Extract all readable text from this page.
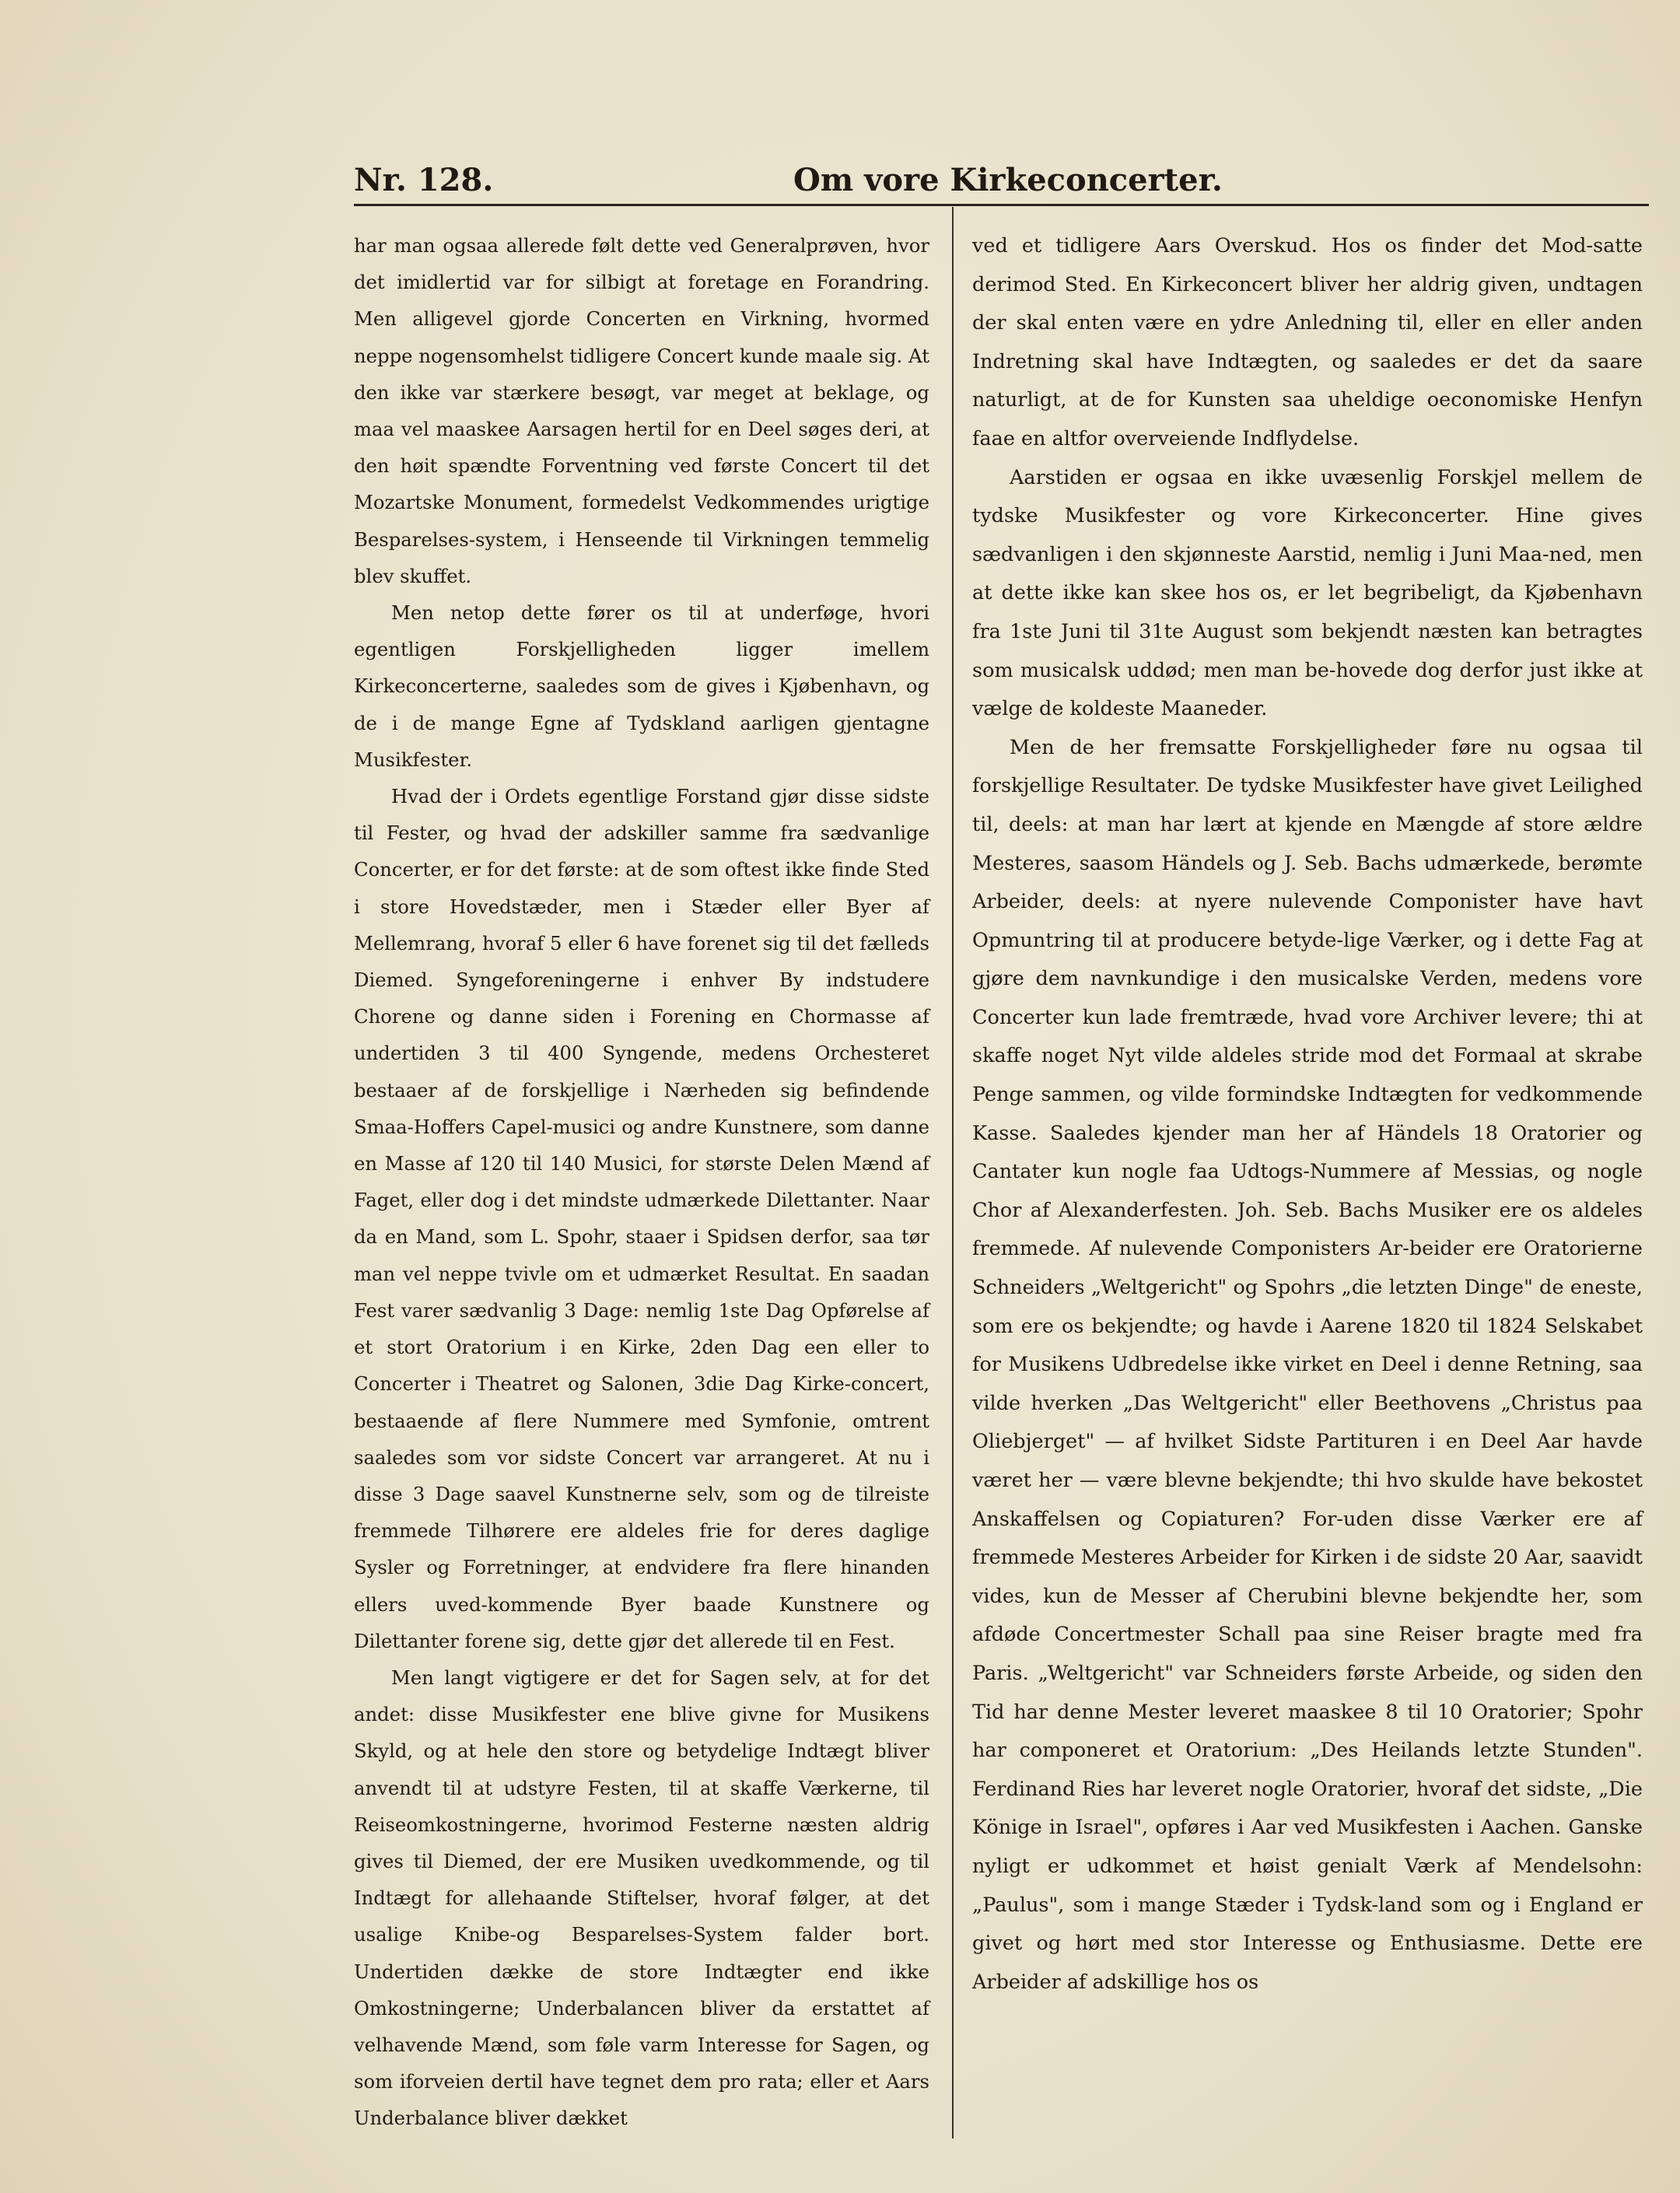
Nr. 128.	Om vore Kirkeconcerter.

har man ogsaa allerede følt dette ved Generalprøven, hvor det imidlertid var for silbigt at foretage en Forandring. Men alligevel gjorde Concerten en Virkning, hvormed neppe nogensomhelst tidligere Concert kunde maale sig. At den ikke var stærkere besøgt, var meget at beklage, og maa vel maaskee Aarsagen hertil for en Deel søges deri, at den høit spændte Forventning ved første Concert til det Mozartske Monument, formedelst Vedkommendes urigtige Besparelses-system, i Henseende til Virkningen temmelig blev skuffet.

Men netop dette fører os til at underføge, hvori egentligen Forskjelligheden ligger imellem Kirkeconcerterne, saaledes som de gives i Kjøbenhavn, og de i de mange Egne af Tydskland aarligen gjentagne Musikfester.

Hvad der i Ordets egentlige Forstand gjør disse sidste til Fester, og hvad der adskiller samme fra sædvanlige Concerter, er for det første: at de som oftest ikke finde Sted i store Hovedstæder, men i Stæder eller Byer af Mellemrang, hvoraf 5 eller 6 have forenet sig til det fælleds Diemed. Syngeforeningerne i enhver By indstudere Chorene og danne siden i Forening en Chormasse af undertiden 3 til 400 Syngende, medens Orchesteret bestaaer af de forskjellige i Nærheden sig befindende Smaa-Hoffers Capel-musici og andre Kunstnere, som danne en Masse af 120 til 140 Musici, for største Delen Mænd af Faget, eller dog i det mindste udmærkede Dilettanter. Naar da en Mand, som L. Spohr, staaer i Spidsen derfor, saa tør man vel neppe tvivle om et udmærket Resultat. En saadan Fest varer sædvanlig 3 Dage: nemlig 1ste Dag Opførelse af et stort Oratorium i en Kirke, 2den Dag een eller to Concerter i Theatret og Salonen, 3die Dag Kirke-concert, bestaaende af flere Nummere med Symfonie, omtrent saaledes som vor sidste Concert var arrangeret. At nu i disse 3 Dage saavel Kunstnerne selv, som og de tilreiste fremmede Tilhørere ere aldeles frie for deres daglige Sysler og Forretninger, at endvidere fra flere hinanden ellers uved-kommende Byer baade Kunstnere og Dilettanter forene sig, dette gjør det allerede til en Fest.

Men langt vigtigere er det for Sagen selv, at for det andet: disse Musikfester ene blive givne for Musikens Skyld, og at hele den store og betydelige Indtægt bliver anvendt til at udstyre Festen, til at skaffe Værkerne, til Reiseomkostningerne, hvorimod Festerne næsten aldrig gives til Diemed, der ere Musiken uvedkommende, og til Indtægt for allehaande Stiftelser, hvoraf følger, at det usalige Knibe-og Besparelses-System falder bort. Undertiden dække de store Indtægter end ikke Omkostningerne; Underbalancen bliver da erstattet af velhavende Mænd, som føle varm Interesse for Sagen, og som iforveien dertil have tegnet dem pro rata; eller et Aars Underbalance bliver dækket

ved et tidligere Aars Overskud. Hos os finder det Mod-satte derimod Sted. En Kirkeconcert bliver her aldrig given, undtagen der skal enten være en ydre Anledning til, eller en eller anden Indretning skal have Indtægten, og saaledes er det da saare naturligt, at de for Kunsten saa uheldige oeconomiske Henfyn faae en altfor overveiende Indflydelse.

Aarstiden er ogsaa en ikke uvæsenlig Forskjel mellem de tydske Musikfester og vore Kirkeconcerter. Hine gives sædvanligen i den skjønneste Aarstid, nemlig i Juni Maa-ned, men at dette ikke kan skee hos os, er let begribeligt, da Kjøbenhavn fra 1ste Juni til 31te August som bekjendt næsten kan betragtes som musicalsk uddød; men man be-hovede dog derfor just ikke at vælge de koldeste Maaneder.

Men de her fremsatte Forskjelligheder føre nu ogsaa til forskjellige Resultater. De tydske Musikfester have givet Leilighed til, deels: at man har lært at kjende en Mængde af store ældre Mesteres, saasom Händels og J. Seb. Bachs udmærkede, berømte Arbeider, deels: at nyere nulevende Componister have havt Opmuntring til at producere betyde-lige Værker, og i dette Fag at gjøre dem navnkundige i den musicalske Verden, medens vore Concerter kun lade fremtræde, hvad vore Archiver levere; thi at skaffe noget Nyt vilde aldeles stride mod det Formaal at skrabe Penge sammen, og vilde formindske Indtægten for vedkommende Kasse. Saaledes kjender man her af Händels 18 Oratorier og Cantater kun nogle faa Udtogs-Nummere af Messias, og nogle Chor af Alexanderfesten. Joh. Seb. Bachs Musiker ere os aldeles fremmede. Af nulevende Componisters Ar-beider ere Oratorierne Schneiders „Weltgericht" og Spohrs „die letzten Dinge" de eneste, som ere os bekjendte; og havde i Aarene 1820 til 1824 Selskabet for Musikens Udbredelse ikke virket en Deel i denne Retning, saa vilde hverken „Das Weltgericht" eller Beethovens „Christus paa Oliebjerget" — af hvilket Sidste Partituren i en Deel Aar havde været her — være blevne bekjendte; thi hvo skulde have bekostet Anskaffelsen og Copiaturen? For-uden disse Værker ere af fremmede Mesteres Arbeider for Kirken i de sidste 20 Aar, saavidt vides, kun de Messer af Cherubini blevne bekjendte her, som afdøde Concertmester Schall paa sine Reiser bragte med fra Paris. „Weltgericht" var Schneiders første Arbeide, og siden den Tid har denne Mester leveret maaskee 8 til 10 Oratorier; Spohr har componeret et Oratorium: „Des Heilands letzte Stunden". Ferdinand Ries har leveret nogle Oratorier, hvoraf det sidste, „Die Könige in Israel", opføres i Aar ved Musikfesten i Aachen. Ganske nyligt er udkommet et høist genialt Værk af Mendelsohn: „Paulus", som i mange Stæder i Tydsk-land som og i England er givet og hørt med stor Interesse og Enthusiasme. Dette ere Arbeider af adskillige hos os
